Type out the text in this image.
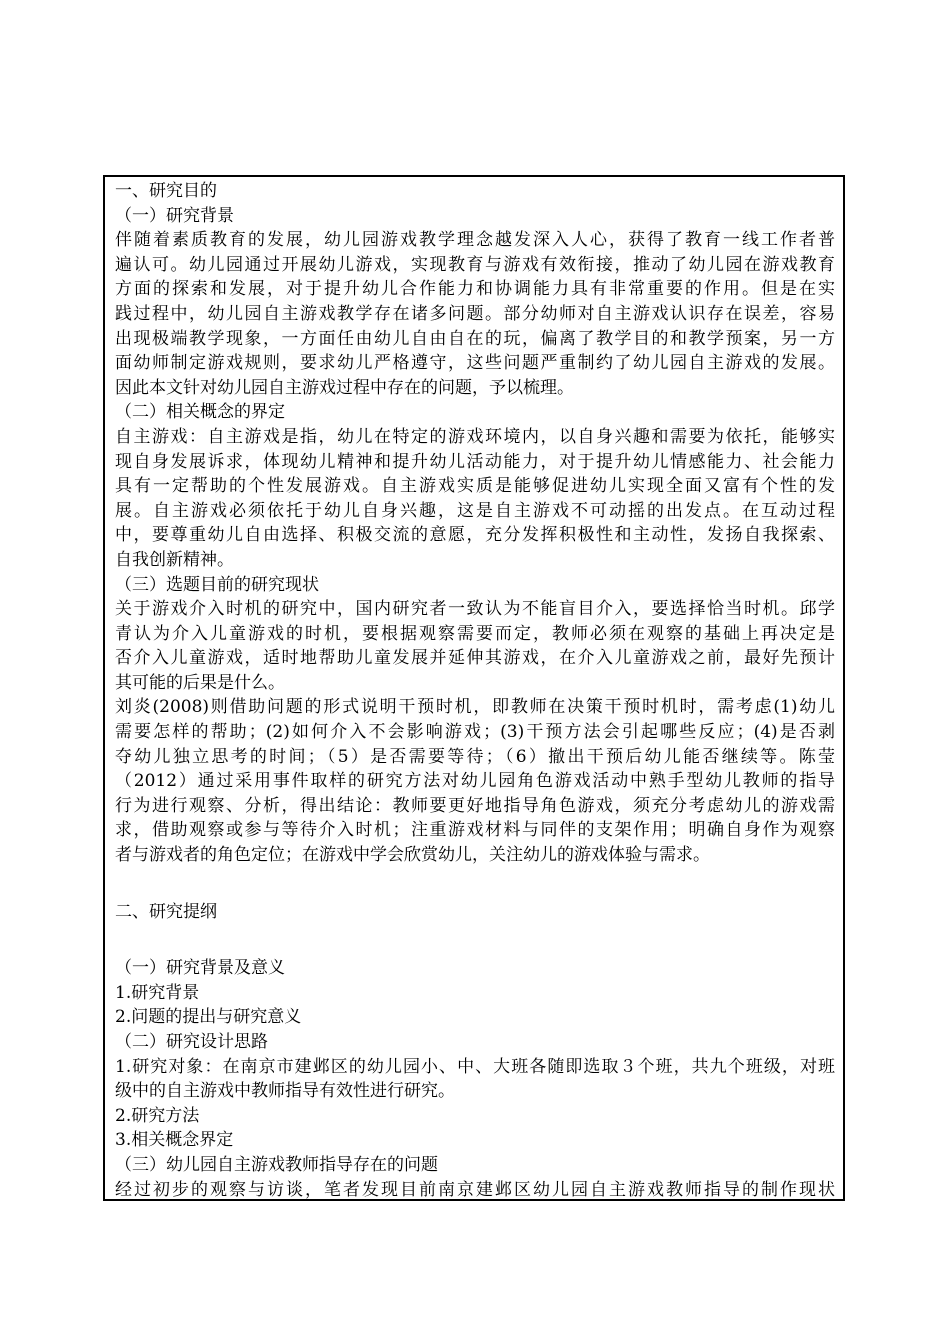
一、研究目的
（一）研究背景
伴随着素质教育的发展，幼儿园游戏教学理念越发深入人心，获得了教育一线工作者普
遍认可。幼儿园通过开展幼儿游戏，实现教育与游戏有效衔接，推动了幼儿园在游戏教育
方面的探索和发展，对于提升幼儿合作能力和协调能力具有非常重要的作用。但是在实
践过程中，幼儿园自主游戏教学存在诸多问题。部分幼师对自主游戏认识存在误差，容易
出现极端教学现象，一方面任由幼儿自由自在的玩，偏离了教学目的和教学预案，另一方
面幼师制定游戏规则，要求幼儿严格遵守，这些问题严重制约了幼儿园自主游戏的发展。
因此本文针对幼儿园自主游戏过程中存在的问题，予以梳理。
（二）相关概念的界定
自主游戏：自主游戏是指，幼儿在特定的游戏环境内，以自身兴趣和需要为依托，能够实
现自身发展诉求，体现幼儿精神和提升幼儿活动能力，对于提升幼儿情感能力、社会能力
具有一定帮助的个性发展游戏。自主游戏实质是能够促进幼儿实现全面又富有个性的发
展。自主游戏必须依托于幼儿自身兴趣，这是自主游戏不可动摇的出发点。在互动过程
中，要尊重幼儿自由选择、积极交流的意愿，充分发挥积极性和主动性，发扬自我探索、
自我创新精神。
（三）选题目前的研究现状
关于游戏介入时机的研究中，国内研究者一致认为不能盲目介入，要选择恰当时机。邱学
青认为介入儿童游戏的时机，要根据观察需要而定，教师必须在观察的基础上再决定是
否介入儿童游戏，适时地帮助儿童发展并延伸其游戏，在介入儿童游戏之前，最好先预计
其可能的后果是什么。
刘炎(2008)则借助问题的形式说明干预时机，即教师在决策干预时机时，需考虑(1)幼儿
需要怎样的帮助；(2)如何介入不会影响游戏；(3)干预方法会引起哪些反应；(4)是否剥
夺幼儿独立思考的时间；（5）是否需要等待；（6）撤出干预后幼儿能否继续等。陈莹
（2012）通过采用事件取样的研究方法对幼儿园角色游戏活动中熟手型幼儿教师的指导
行为进行观察、分析，得出结论：教师要更好地指导角色游戏，须充分考虑幼儿的游戏需
求，借助观察或参与等待介入时机；注重游戏材料与同伴的支架作用；明确自身作为观察
者与游戏者的角色定位；在游戏中学会欣赏幼儿，关注幼儿的游戏体验与需求。
二、研究提纲
（一）研究背景及意义
1.研究背景
2.问题的提出与研究意义
（二）研究设计思路
1.研究对象：在南京市建邺区的幼儿园小、中、大班各随即选取３个班，共九个班级，对班
级中的自主游戏中教师指导有效性进行研究。
2.研究方法
3.相关概念界定
（三）幼儿园自主游戏教师指导存在的问题
经过初步的观察与访谈，笔者发现目前南京建邺区幼儿园自主游戏教师指导的制作现状
